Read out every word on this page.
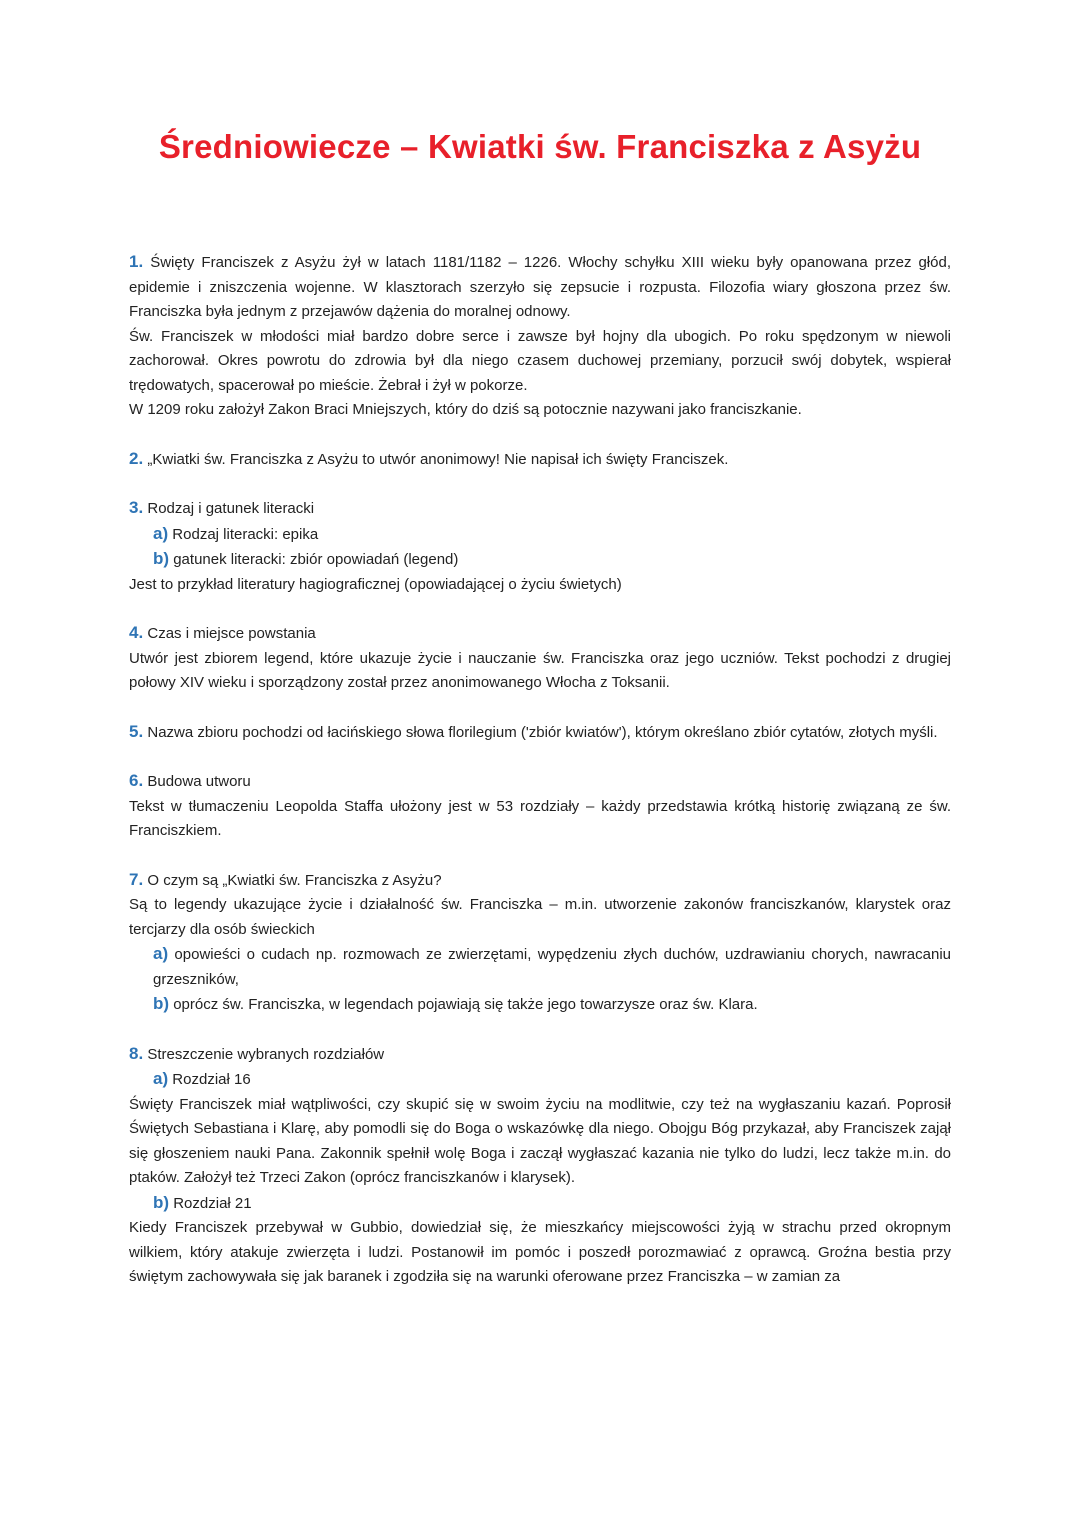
Średniowiecze – Kwiatki św. Franciszka z Asyżu

1. Święty Franciszek z Asyżu żył w latach 1181/1182 – 1226. Włochy schyłku XIII wieku były opanowana przez głód, epidemie i zniszczenia wojenne. W klasztorach szerzyło się zepsucie i rozpusta. Filozofia wiary głoszona przez św. Franciszka była jednym z przejawów dążenia do moralnej odnowy.

Św. Franciszek w młodości miał bardzo dobre serce i zawsze był hojny dla ubogich. Po roku spędzonym w niewoli zachorował. Okres powrotu do zdrowia był dla niego czasem duchowej przemiany, porzucił swój dobytek, wspierał trędowatych, spacerował po mieście. Żebrał i żył w pokorze.

W 1209 roku założył Zakon Braci Mniejszych, który do dziś są potocznie nazywani jako franciszkanie.

2. „Kwiatki św. Franciszka z Asyżu to utwór anonimowy! Nie napisał ich święty Franciszek.

3. Rodzaj i gatunek literacki

a) Rodzaj literacki: epika

b) gatunek literacki: zbiór opowiadań (legend)

Jest to przykład literatury hagiograficznej (opowiadającej o życiu świetych)

4. Czas i miejsce powstania

Utwór jest zbiorem legend, które ukazuje życie i nauczanie św. Franciszka oraz jego uczniów. Tekst pochodzi z drugiej połowy XIV wieku i sporządzony został przez anonimowanego Włocha z Toksanii.

5. Nazwa zbioru pochodzi od łacińskiego słowa florilegium ('zbiór kwiatów'), którym określano zbiór cytatów, złotych myśli.

6. Budowa utworu

Tekst w tłumaczeniu Leopolda Staffa ułożony jest w 53 rozdziały – każdy przedstawia krótką historię związaną ze św. Franciszkiem.

7. O czym są „Kwiatki św. Franciszka z Asyżu?

Są to legendy ukazujące życie i działalność św. Franciszka – m.in. utworzenie zakonów franciszkanów, klarystek oraz tercjarzy dla osób świeckich

a) opowieści o cudach np. rozmowach ze zwierzętami, wypędzeniu złych duchów, uzdrawianiu chorych, nawracaniu grzeszników,

b) oprócz św. Franciszka, w legendach pojawiają się także jego towarzysze oraz św. Klara.

8. Streszczenie wybranych rozdziałów

a) Rozdział 16

Święty Franciszek miał wątpliwości, czy skupić się w swoim życiu na modlitwie, czy też na wygłaszaniu kazań. Poprosił Świętych Sebastiana i Klarę, aby pomodli się do Boga o wskazówkę dla niego. Obojgu Bóg przykazał, aby Franciszek zajął się głoszeniem nauki Pana. Zakonnik spełnił wolę Boga i zaczął wygłaszać kazania nie tylko do ludzi, lecz także m.in. do ptaków. Założył też Trzeci Zakon (oprócz franciszkanów i klarysek).

b) Rozdział 21

Kiedy Franciszek przebywał w Gubbio, dowiedział się, że mieszkańcy miejscowości żyją w strachu przed okropnym wilkiem, który atakuje zwierzęta i ludzi. Postanowił im pomóc i poszedł porozmawiać z oprawcą. Groźna bestia przy świętym zachowywała się jak baranek i zgodziła się na warunki oferowane przez Franciszka – w zamian za
